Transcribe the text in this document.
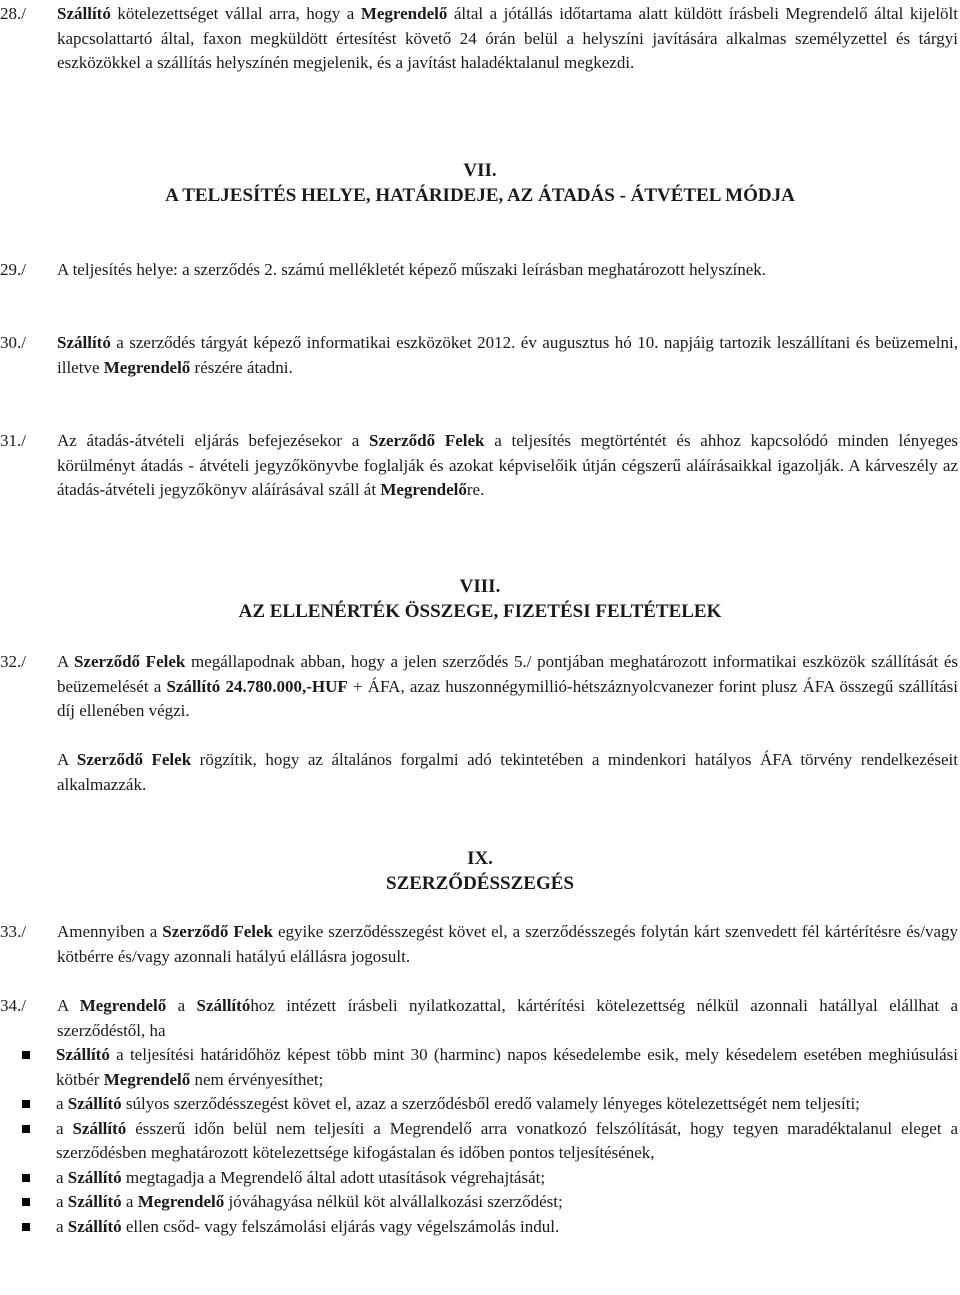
28./ Szállító kötelezettséget vállal arra, hogy a Megrendelő által a jótállás időtartama alatt küldött írásbeli Megrendelő által kijelölt kapcsolattartó által, faxon megküldött értesítést követő 24 órán belül a helyszíni javítására alkalmas személyzettel és tárgyi eszközökkel a szállítás helyszínén megjelenik, és a javítást haladéktalanul megkezdi.
VII.
A TELJESÍTÉS HELYE, HATÁRIDEJE, AZ ÁTADÁS - ÁTVÉTEL MÓDJA
29./ A teljesítés helye: a szerződés 2. számú mellékletét képező műszaki leírásban meghatározott helyszínek.
30./ Szállító a szerződés tárgyát képező informatikai eszközöket 2012. év augusztus hó 10. napjáig tartozik leszállítani és beüzemelni, illetve Megrendelő részére átadni.
31./ Az átadás-átvételi eljárás befejezésekor a Szerződő Felek a teljesítés megtörténtét és ahhoz kapcsolódó minden lényeges körülményt átadás - átvételi jegyzőkönyvbe foglalják és azokat képviselőik útján cégszerű aláírásaikkal igazolják. A kárveszély az átadás-átvételi jegyzőkönyv aláírásával száll át Megrendelőre.
VIII.
AZ ELLENÉRTÉK ÖSSZEGE, FIZETÉSI FELTÉTELEK
32./ A Szerződő Felek megállapodnak abban, hogy a jelen szerződés 5./ pontjában meghatározott informatikai eszközök szállítását és beüzemelését a Szállító 24.780.000,-HUF + ÁFA, azaz huszonnégymillió-hétszáznyolcvanezer forint plusz ÁFA összegű szállítási díj ellenében végzi.
A Szerződő Felek rögzítik, hogy az általános forgalmi adó tekintetében a mindenkori hatályos ÁFA törvény rendelkezéseit alkalmazzák.
IX.
SZERZŐDÉSSZEGÉS
33./ Amennyiben a Szerződő Felek egyike szerződésszegést követ el, a szerződésszegés folytán kárt szenvedett fél kártérítésre és/vagy kötbérre és/vagy azonnali hatályú elállásra jogosult.
34./ A Megrendelő a Szállítóhoz intézett írásbeli nyilatkozattal, kártérítési kötelezettség nélkül azonnali hatállyal elállhat a szerződéstől, ha
Szállító a teljesítési határidőhöz képest több mint 30 (harminc) napos késedelembe esik, mely késedelem esetében meghiúsulási kötbér Megrendelő nem érvényesíthet;
a Szállító súlyos szerződésszegést követ el, azaz a szerződésből eredő valamely lényeges kötelezettségét nem teljesíti;
a Szállító ésszerű időn belül nem teljesíti a Megrendelő arra vonatkozó felszólítását, hogy tegyen maradéktalanul eleget a szerződésben meghatározott kötelezettsége kifogástalan és időben pontos teljesítésének,
a Szállító megtagadja a Megrendelő által adott utasítások végrehajtását;
a Szállító a Megrendelő jóváhagyása nélkül köt alvállalkozási szerződést;
a Szállító ellen csőd- vagy felszámolási eljárás vagy végelszámolás indul.
